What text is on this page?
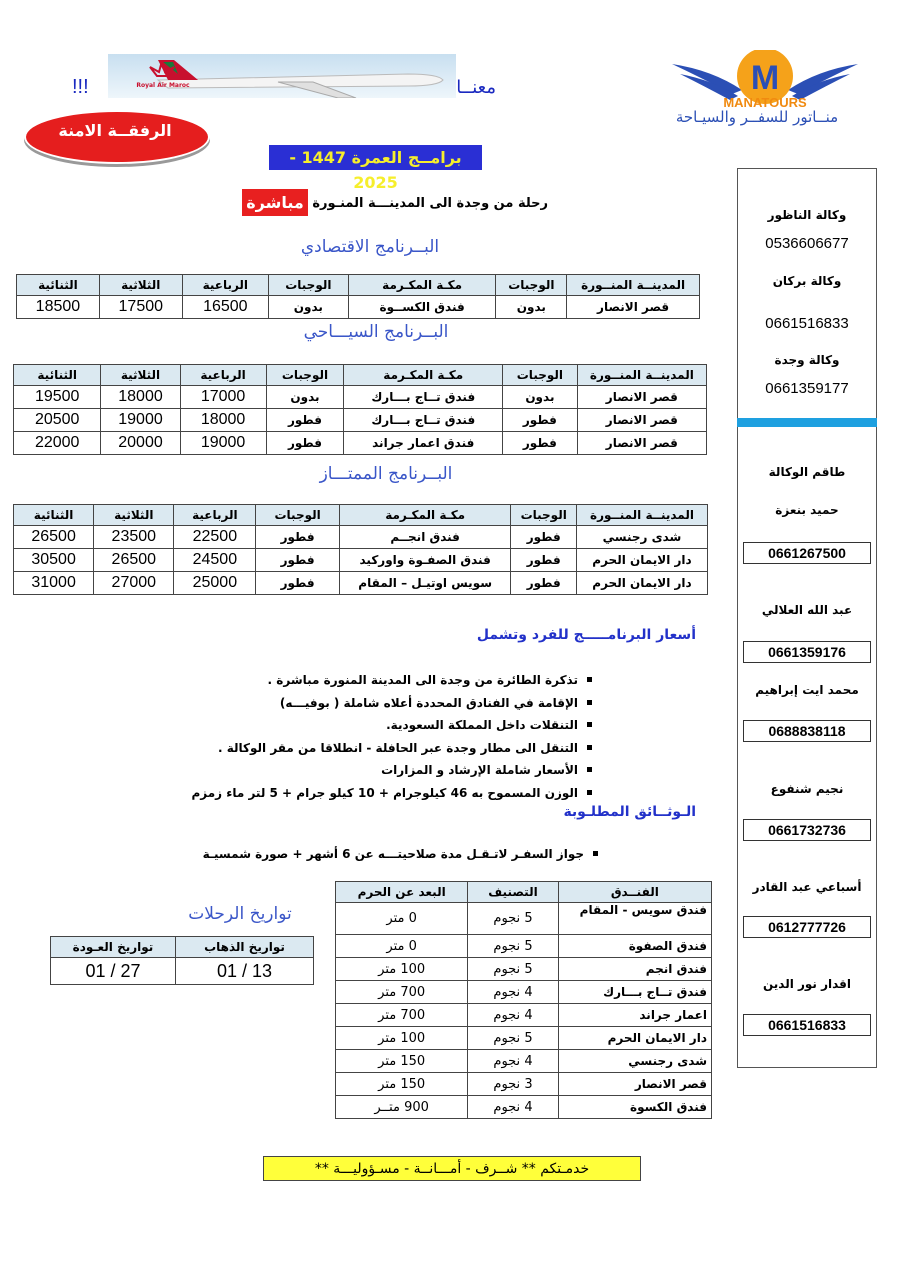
الرفقــة الامنة
!!!	Royal Air Maroc	معنــا	M
MANATOURS
منــاتور للسفــر والسيـاحة
برامــج العمرة 1447 - 2025
مباشرة رحلة من وجدة الى المدينـــة المنـورة
البــرنامج الاقتصادي
المدينــة المنــورة	الوجبات	مكـة المكـرمة	الوجبات	الرباعية	الثلاثية	الثنائية
قصر الانصار	بدون	فندق الكســوة	بدون	16500	17500	18500
البــرنامج السيـــاحي
المدينــة المنــورة	الوجبات	مكـة المكـرمة	الوجبات	الرباعية	الثلاثية	الثنائية
قصر الانصار	بدون	فندق تــاج بـــارك	بدون	17000	18000	19500
قصر الانصار	فطور	فندق تــاج بـــارك	فطور	18000	19000	20500
قصر الانصار	فطور	فندق اعمار جراند	فطور	19000	20000	22000
البــرنامج الممتـــاز
المدينــة المنــورة	الوجبات	مكـة المكـرمة	الوجبات	الرباعية	الثلاثية	الثنائية
شدى رجنسي	فطور	فندق انجــم	فطور	22500	23500	26500
دار الايمان الحرم	فطور	فندق الصفـوة واوركيد	فطور	24500	26500	30500
دار الايمان الحرم	فطور	سويس اوتيـل – المقام	فطور	25000	27000	31000
أسعار البرنامـــــج للفرد وتشمل
تذكرة الطائرة من وجدة الى المدينة المنورة مباشرة .
الإقامة في الفنادق المحددة أعلاه شاملة ( بوفيـــه)
التنقلات داخل المملكة السعودية.
التنقل الى مطار وجدة عبر الحافلة - انطلاقا من مقر الوكالة .
الأسعار شاملة الإرشاد و المزارات
الوزن المسموح به 46 كيلوجرام + 10 كيلو جرام + 5 لتر ماء زمزم
الـوثــائق المطلـوبة
جواز السفـر لاتـقـل مدة صلاحيتـــه عن 6 أشهر + صورة شمسيـة
تواريخ الرحلات
تواريخ الذهاب	تواريخ العـودة
13 / 01	27 / 01
الفنــدق	التصنيف	البعد عن الحرم
فندق سويس - المقام	5 نجوم	0 متر
فندق الصفوة	5 نجوم	0 متر
فندق انجم	5 نجوم	100 متر
فندق تــاج بـــارك	4 نجوم	700 متر
اعمار جراند	4 نجوم	700 متر
دار الايمان الحرم	5 نجوم	100 متر
شدى رجنسي	4 نجوم	150 متر
قصر الانصار	3 نجوم	150 متر
فندق الكسوة	4 نجوم	900 متــر
خدمـتكم ** شــرف - أمـــانــة - مسـؤوليـــة **
وكالة الناظور
0536606677
وكالة بركان
0661516833
وكالة وجدة
0661359177
طاقم الوكالة
حميد بنعزة
0661267500
عبد الله العلالي
0661359176
محمد ايت إبراهيم
0688838118
نجيم شنفوع
0661732736
أسباعي عبد القادر
0612777726
اقدار نور الدين
0661516833
